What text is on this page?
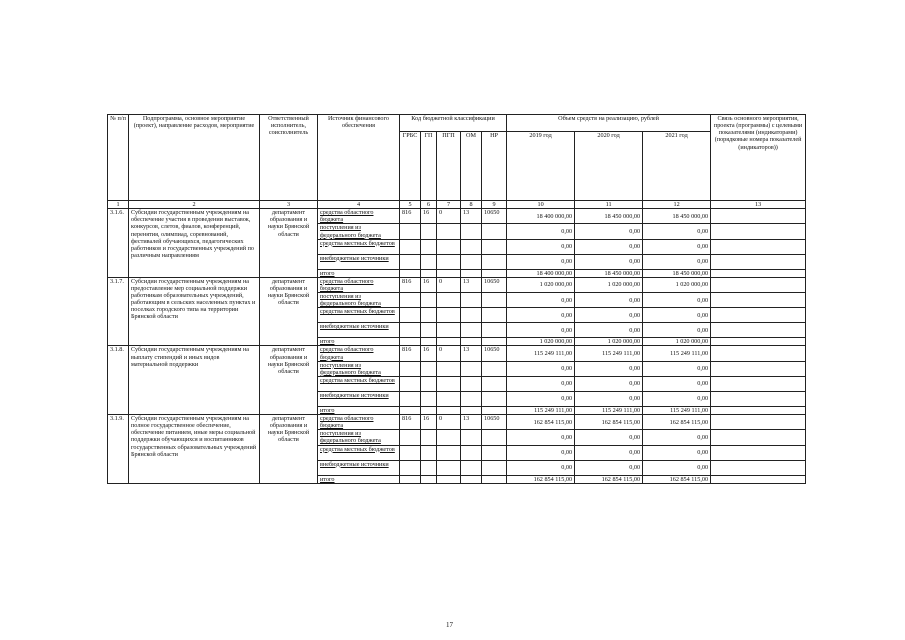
№ п/п	Подпрограмма, основное мероприятие (проект), направление расходов, мероприятие	Ответственный исполнитель, соисполнитель	Источник финансового обеспечения	Код бюджетной классификации					Объем средств на реализацию, рублей			Связь основного мероприятия, проекта (программы) с целевыми показателями (индикаторами) (порядковые номера показателей (индикаторов))
				ГРБС	ГП	ПГП	ОМ	НР	2019 год	2020 год	2021 год	
1	2	3	4	5	6	7	8	9	10	11	12	13
3.1.6.	Субсидии государственным учреждениям на обеспечение участия в проведении выставок, конкурсов, слетов, фиалов, конференций, перенятия, олимпиад, соревнований, фестивалей обучающихся, педагогических работников и государственных учреждений по различным направлениям	департамент образования и науки Брянской области	средства областного бюджета	816	16	0	13	10650	18 400 000,00	18 450 000,00	18 450 000,00	
			поступления из федерального бюджета						0,00	0,00	0,00	
			средства местных бюджетов						0,00	0,00	0,00	
			внебюджетные источники						0,00	0,00	0,00	
			итого						18 400 000,00	18 450 000,00	18 450 000,00	
3.1.7.	Субсидии государственным учреждениям на предоставление мер социальной поддержки работникам образовательных учреждений, работающим в сельских населенных пунктах и поселках городского типа на территории Брянской области	департамент образования и науки Брянской области	средства областного бюджета	816	16	0	13	10650	1 020 000,00	1 020 000,00	1 020 000,00	
			поступления из федерального бюджета						0,00	0,00	0,00	
			средства местных бюджетов						0,00	0,00	0,00	
			внебюджетные источники						0,00	0,00	0,00	
			итого						1 020 000,00	1 020 000,00	1 020 000,00	
3.1.8.	Субсидии государственным учреждениям на выплату стипендий и иных видов материальной поддержки	департамент образования и науки Брянской области	средства областного бюджета	816	16	0	13	10650	115 249 111,00	115 249 111,00	115 249 111,00	
			поступления из федерального бюджета						0,00	0,00	0,00	
			средства местных бюджетов						0,00	0,00	0,00	
			внебюджетные источники						0,00	0,00	0,00	
			итого						115 249 111,00	115 249 111,00	115 249 111,00	
3.1.9.	Субсидии государственным учреждениям на полное государственное обеспечение, обеспечение питанием, иные меры социальной поддержки обучающихся и воспитанников государственных образовательных учреждений Брянской области	департамент образования и науки Брянской области	средства областного бюджета	816	16	0	13	10650	162 854 115,00	162 854 115,00	162 854 115,00	
			поступления из федерального бюджета						0,00	0,00	0,00	
			средства местных бюджетов						0,00	0,00	0,00	
			внебюджетные источники						0,00	0,00	0,00	
			итого						162 854 115,00	162 854 115,00	162 854 115,00	
17
